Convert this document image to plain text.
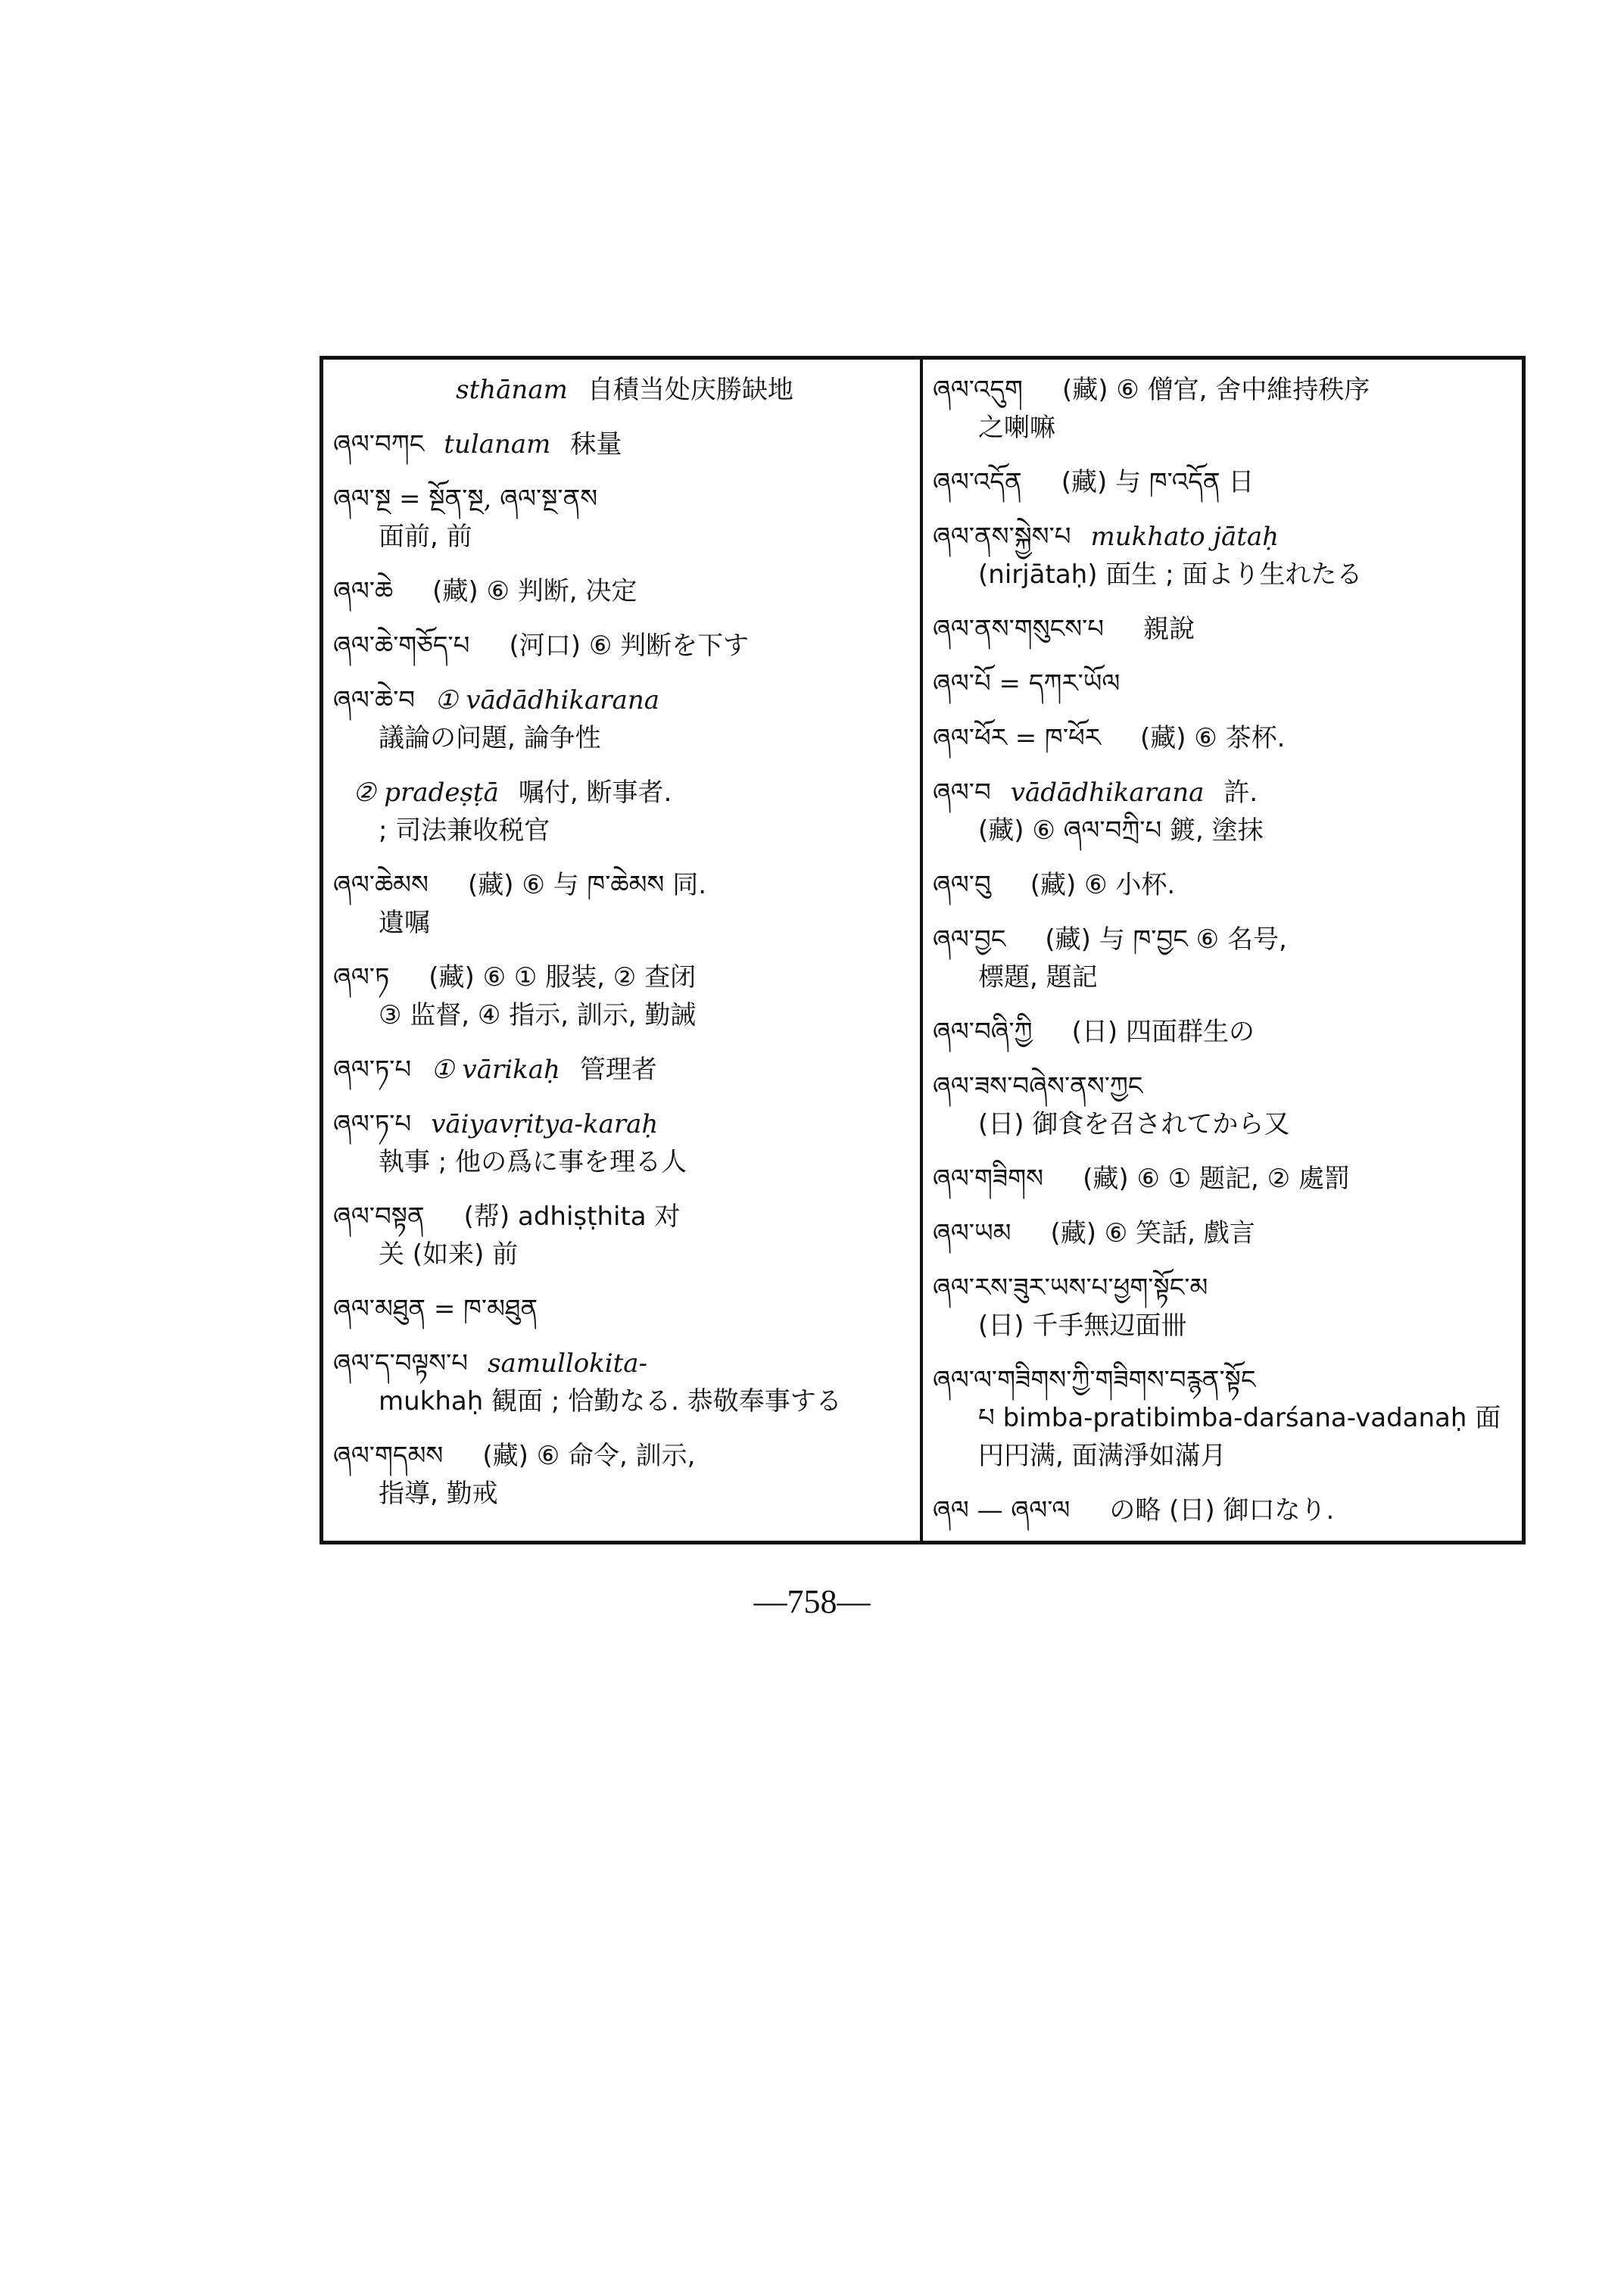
sthānam 自積当处庆勝缺地
ཞལ་བཀང tulanam 秣量
ཞལ་སྔ = སྔོན་སྔ, ཞལ་སྔ་ནས
面前, 前
ཞལ་ཆེ (藏) ⑥ 判断, 决定
ཞལ་ཆེ་གཅོད་པ (河口) ⑥ 判断を下す
ཞལ་ཆེ་བ ① vādādhikarana
議論の问題, 論争性
② pradeṣṭā 嘱付, 断事者.
; 司法兼收税官
ཞལ་ཆེམས (藏) ⑥ 与 ཁ་ཆེམས 同.
遺嘱
ཞལ་ཏ (藏) ⑥ ① 服装, ② 查闭
③ 监督, ④ 指示, 訓示, 勤誡
ཞལ་ཏ་པ ① vārikaḥ 管理者
ཞལ་ཏ་པ vāiyavṛitya-karaḥ
執事 ; 他の爲に事を理る人
ཞལ་བསྟན (帮) adhiṣṭhita 对
关 (如来) 前
ཞལ་མཐུན = ཁ་མཐུན
ཞལ་ད་བལྟས་པ samullokita-
mukhaḥ 観面 ; 恰勤なる. 恭敬奉事する
ཞལ་གདམས (藏) ⑥ 命令, 訓示,
指導, 勤戒
ཞལ་འདུག (藏) ⑥ 僧官, 舍中維持秩序
之喇嘛
ཞལ་འདོན (藏) 与 ཁ་འདོན 日
ཞལ་ནས་སྐྱེས་པ mukhato jātaḥ
(nirjātaḥ) 面生 ; 面より生れたる
ཞལ་ནས་གསུངས་པ 親說
ཞལ་པོ = དཀར་ཡོལ
ཞལ་ཕོར = ཁ་ཕོར (藏) ⑥ 茶杯.
ཞལ་བ vādādhikarana 許.
(藏) ⑥ ཞལ་བཀྲི་པ 鍍, 塗抹
ཞལ་བུ (藏) ⑥ 小杯.
ཞལ་བྱང (藏) 与 ཁ་བྱང ⑥ 名号,
標題, 題記
ཞལ་བཞི་ཀྱི (日) 四面群生の
ཞལ་ཟས་བཞེས་ནས་ཀྱང
(日) 御食を召されてから又
ཞལ་གཟིགས (藏) ⑥ ① 题記, ② 處罰
ཞལ་ཡམ (藏) ⑥ 笑話, 戲言
ཞལ་རས་ཟུར་ཡས་པ་ཕྱག་སྟོང་མ
(日) 千手無辺面卌
ཞལ་ལ་གཟིགས་ཀྱི་གཟིགས་བརྙན་སྟོང
པ bimba-pratibimba-darśana-vadanaḥ 面円円满, 面满淨如滿月
ཞལ — ཞལ་ལ の略 (日) 御口なり.
—758—
